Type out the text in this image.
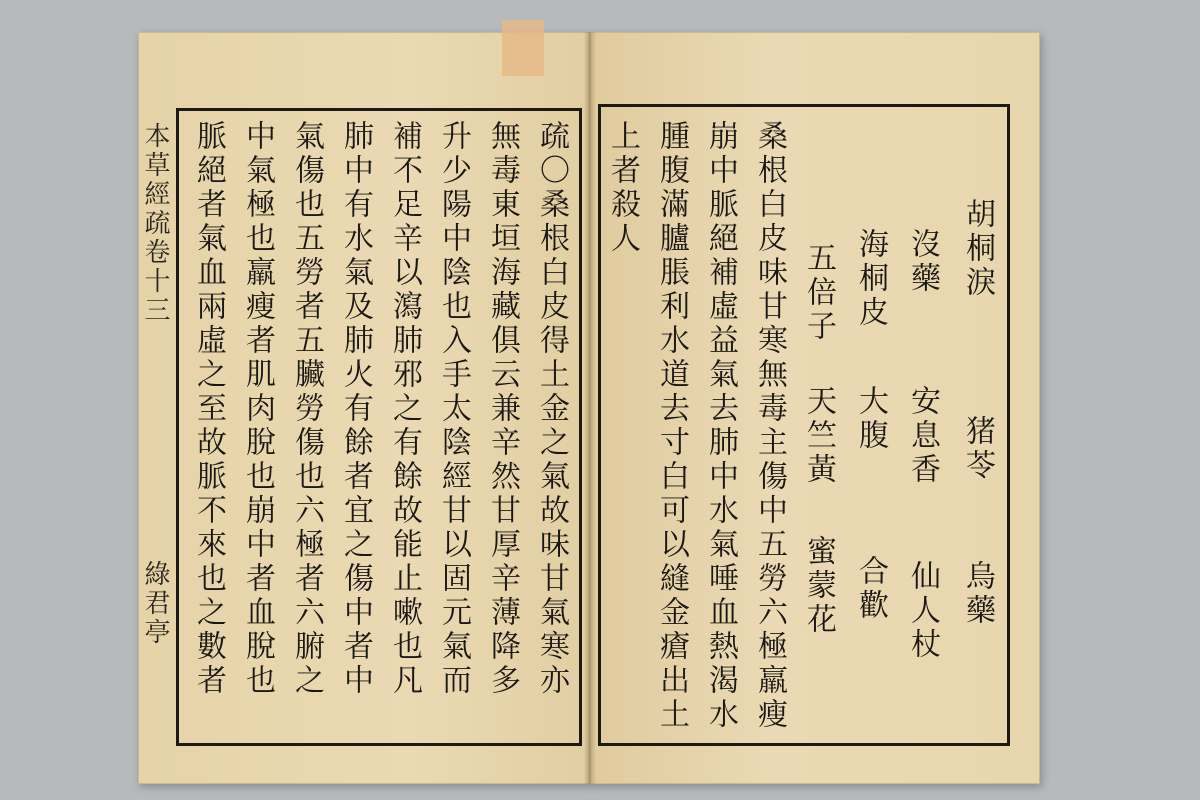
本草經疏卷十三
綠君亭	疏〇桑根白皮得土金之氣故味甘氣寒亦
無毒東垣海藏俱云兼辛然甘厚辛薄降多
升少陽中陰也入手太陰經甘以固元氣而
補不足辛以瀉肺邪之有餘故能止嗽也凡
肺中有水氣及肺火有餘者宜之傷中者中
氣傷也五勞者五臟勞傷也六極者六腑之
中氣極也羸瘦者肌肉脫也崩中者血脫也
脈絕者氣血兩虛之至故脈不來也之數者	胡桐淚
猪苓
烏藥
沒藥
安息香
仙人杖
海桐皮
大腹
合歡
五倍子
天竺黃
蜜蒙花
桑根白皮味甘寒無毒主傷中五勞六極羸瘦
崩中脈絕補虛益氣去肺中水氣唾血熱渴水
腫腹滿臚脹利水道去寸白可以縫金瘡出土
上者殺人
